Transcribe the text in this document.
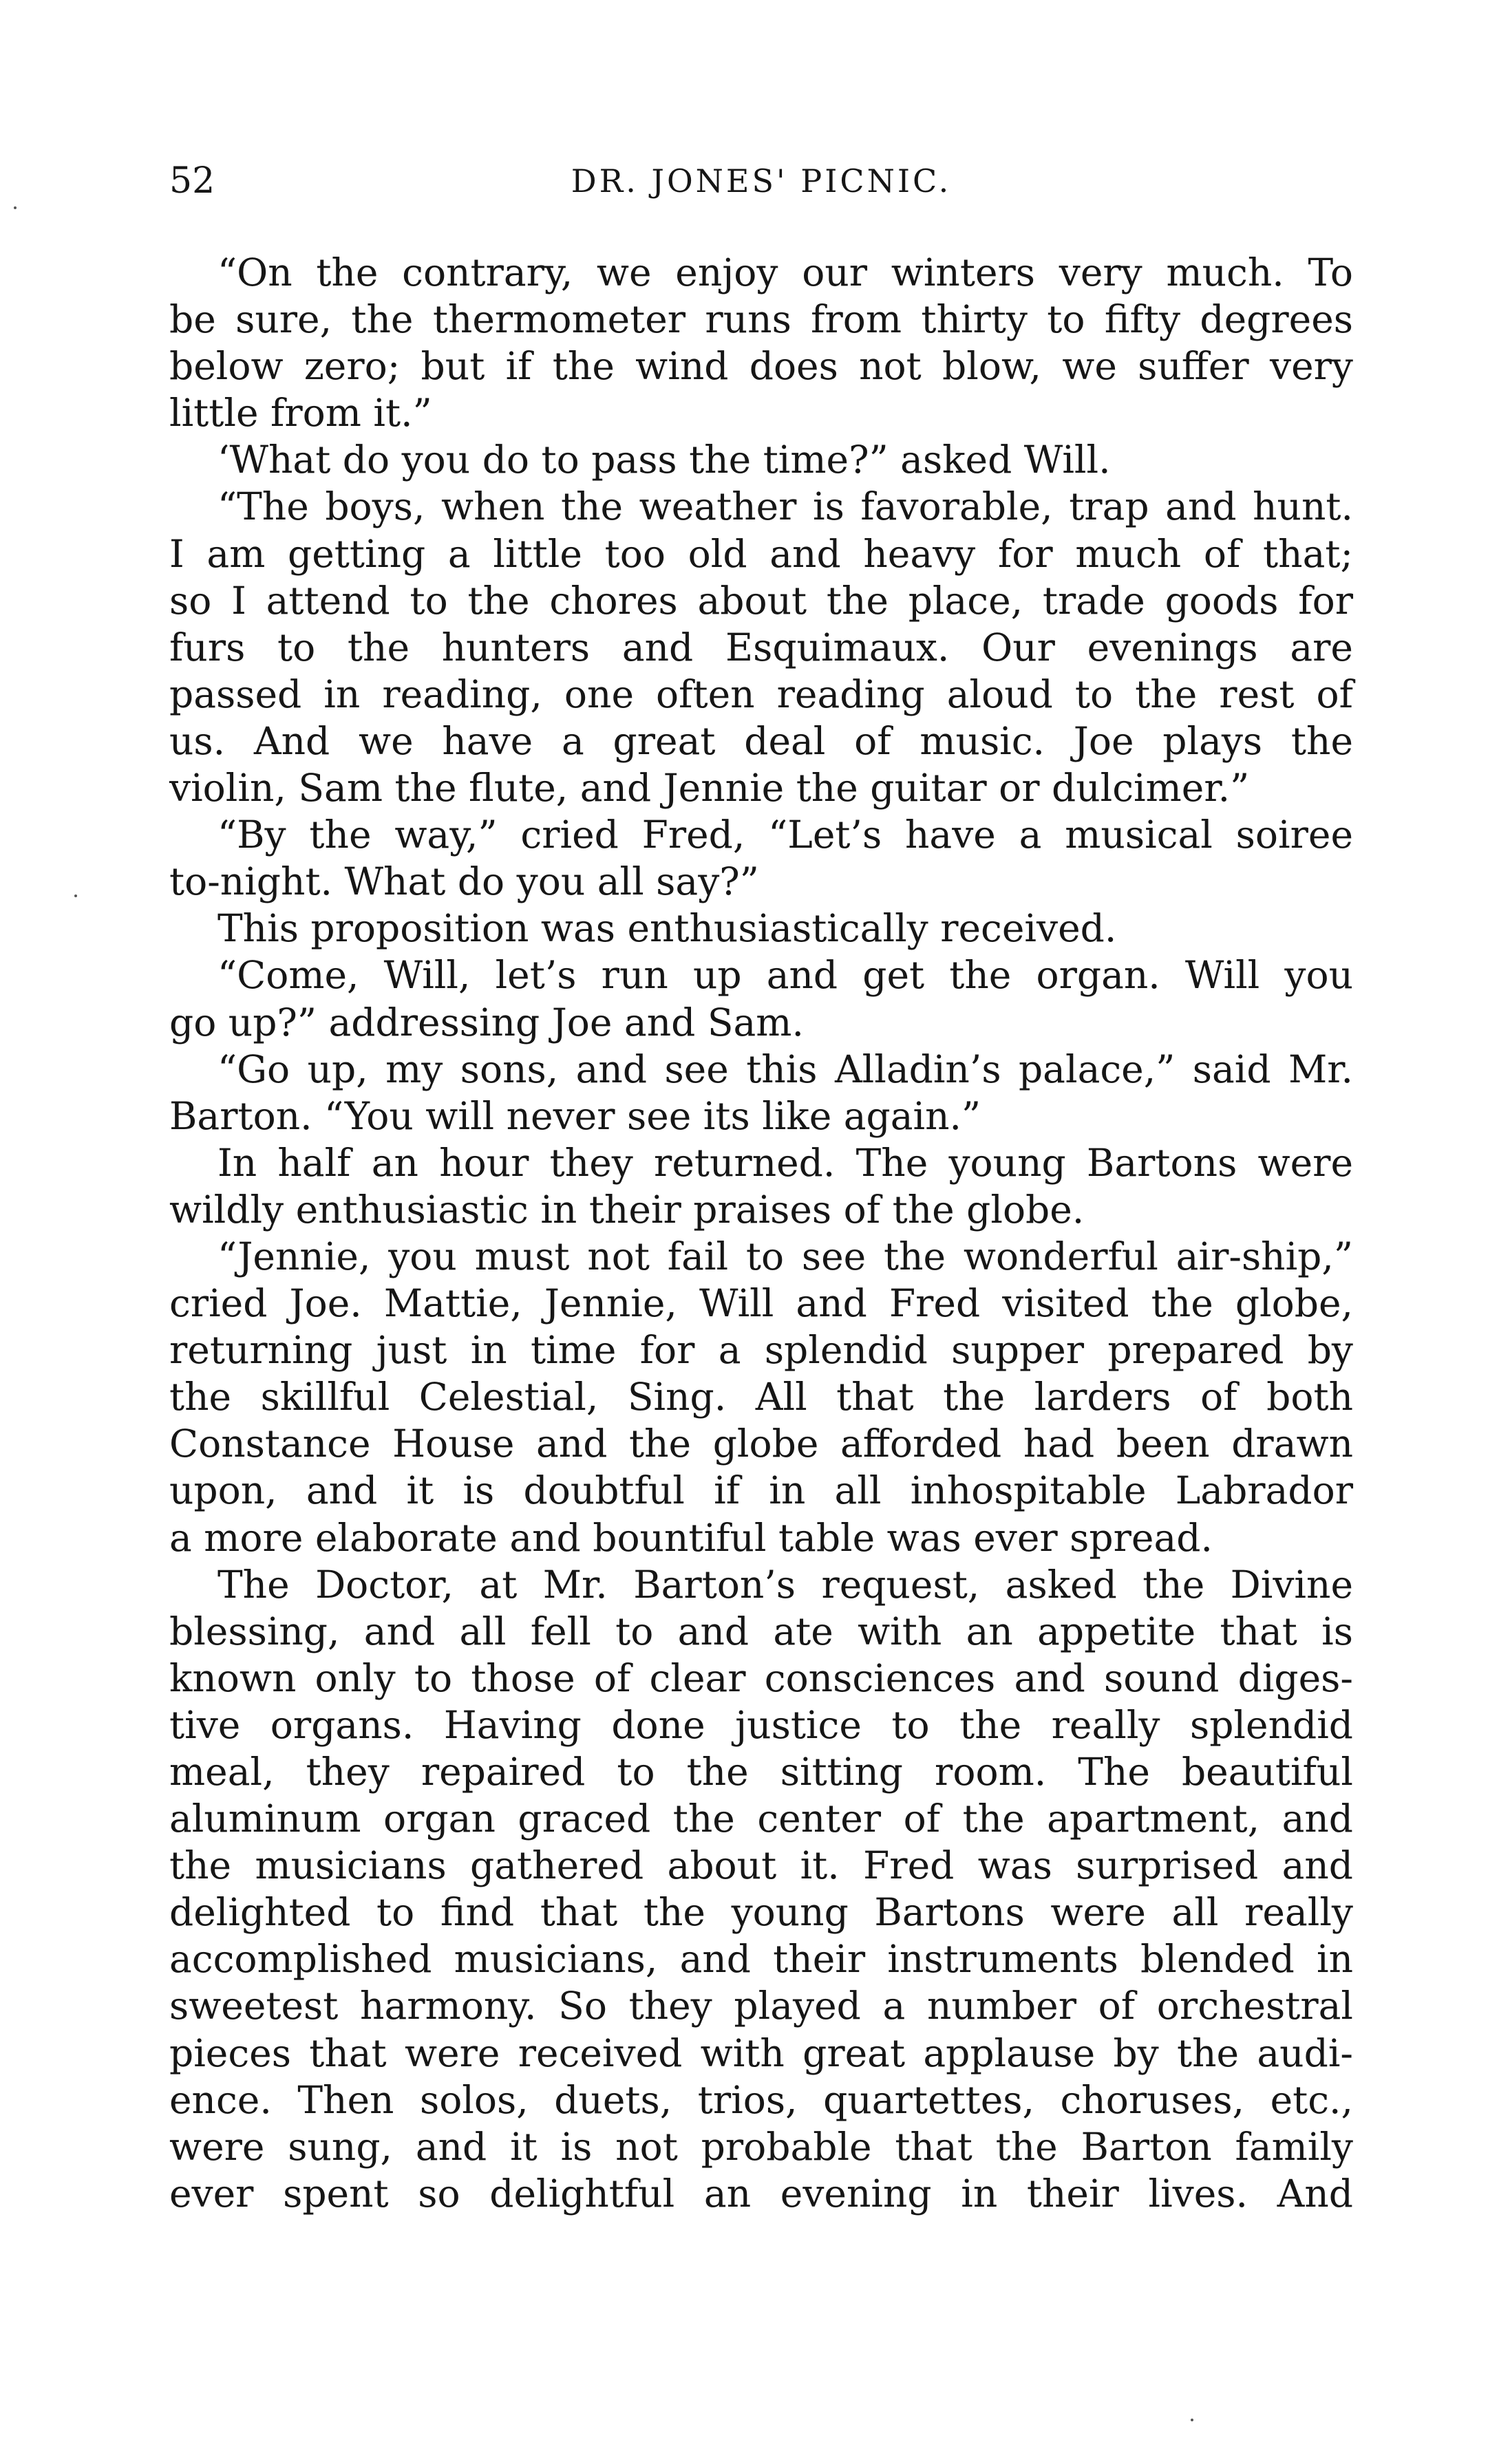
52	DR. JONES' PICNIC.
“On the contrary, we enjoy our winters very much. To
be sure, the thermometer runs from thirty to fifty degrees
below zero; but if the wind does not blow, we suffer very
little from it.”
‘What do you do to pass the time?” asked Will.
“The boys, when the weather is favorable, trap and hunt.
I am getting a little too old and heavy for much of that;
so I attend to the chores about the place, trade goods for
furs to the hunters and Esquimaux. Our evenings are
passed in reading, one often reading aloud to the rest of
us. And we have a great deal of music. Joe plays the
violin, Sam the flute, and Jennie the guitar or dulcimer.”
“By the way,” cried Fred, “Let’s have a musical soiree
to-night. What do you all say?”
This proposition was enthusiastically received.
“Come, Will, let’s run up and get the organ. Will you
go up?” addressing Joe and Sam.
“Go up, my sons, and see this Alladin’s palace,” said Mr.
Barton. “You will never see its like again.”
In half an hour they returned. The young Bartons were
wildly enthusiastic in their praises of the globe.
“Jennie, you must not fail to see the wonderful air-ship,”
cried Joe. Mattie, Jennie, Will and Fred visited the globe,
returning just in time for a splendid supper prepared by
the skillful Celestial, Sing. All that the larders of both
Constance House and the globe afforded had been drawn
upon, and it is doubtful if in all inhospitable Labrador
a more elaborate and bountiful table was ever spread.
The Doctor, at Mr. Barton’s request, asked the Divine
blessing, and all fell to and ate with an appetite that is
known only to those of clear consciences and sound diges-
tive organs. Having done justice to the really splendid
meal, they repaired to the sitting room. The beautiful
aluminum organ graced the center of the apartment, and
the musicians gathered about it. Fred was surprised and
delighted to find that the young Bartons were all really
accomplished musicians, and their instruments blended in
sweetest harmony. So they played a number of orchestral
pieces that were received with great applause by the audi-
ence. Then solos, duets, trios, quartettes, choruses, etc.,
were sung, and it is not probable that the Barton family
ever spent so delightful an evening in their lives. And
